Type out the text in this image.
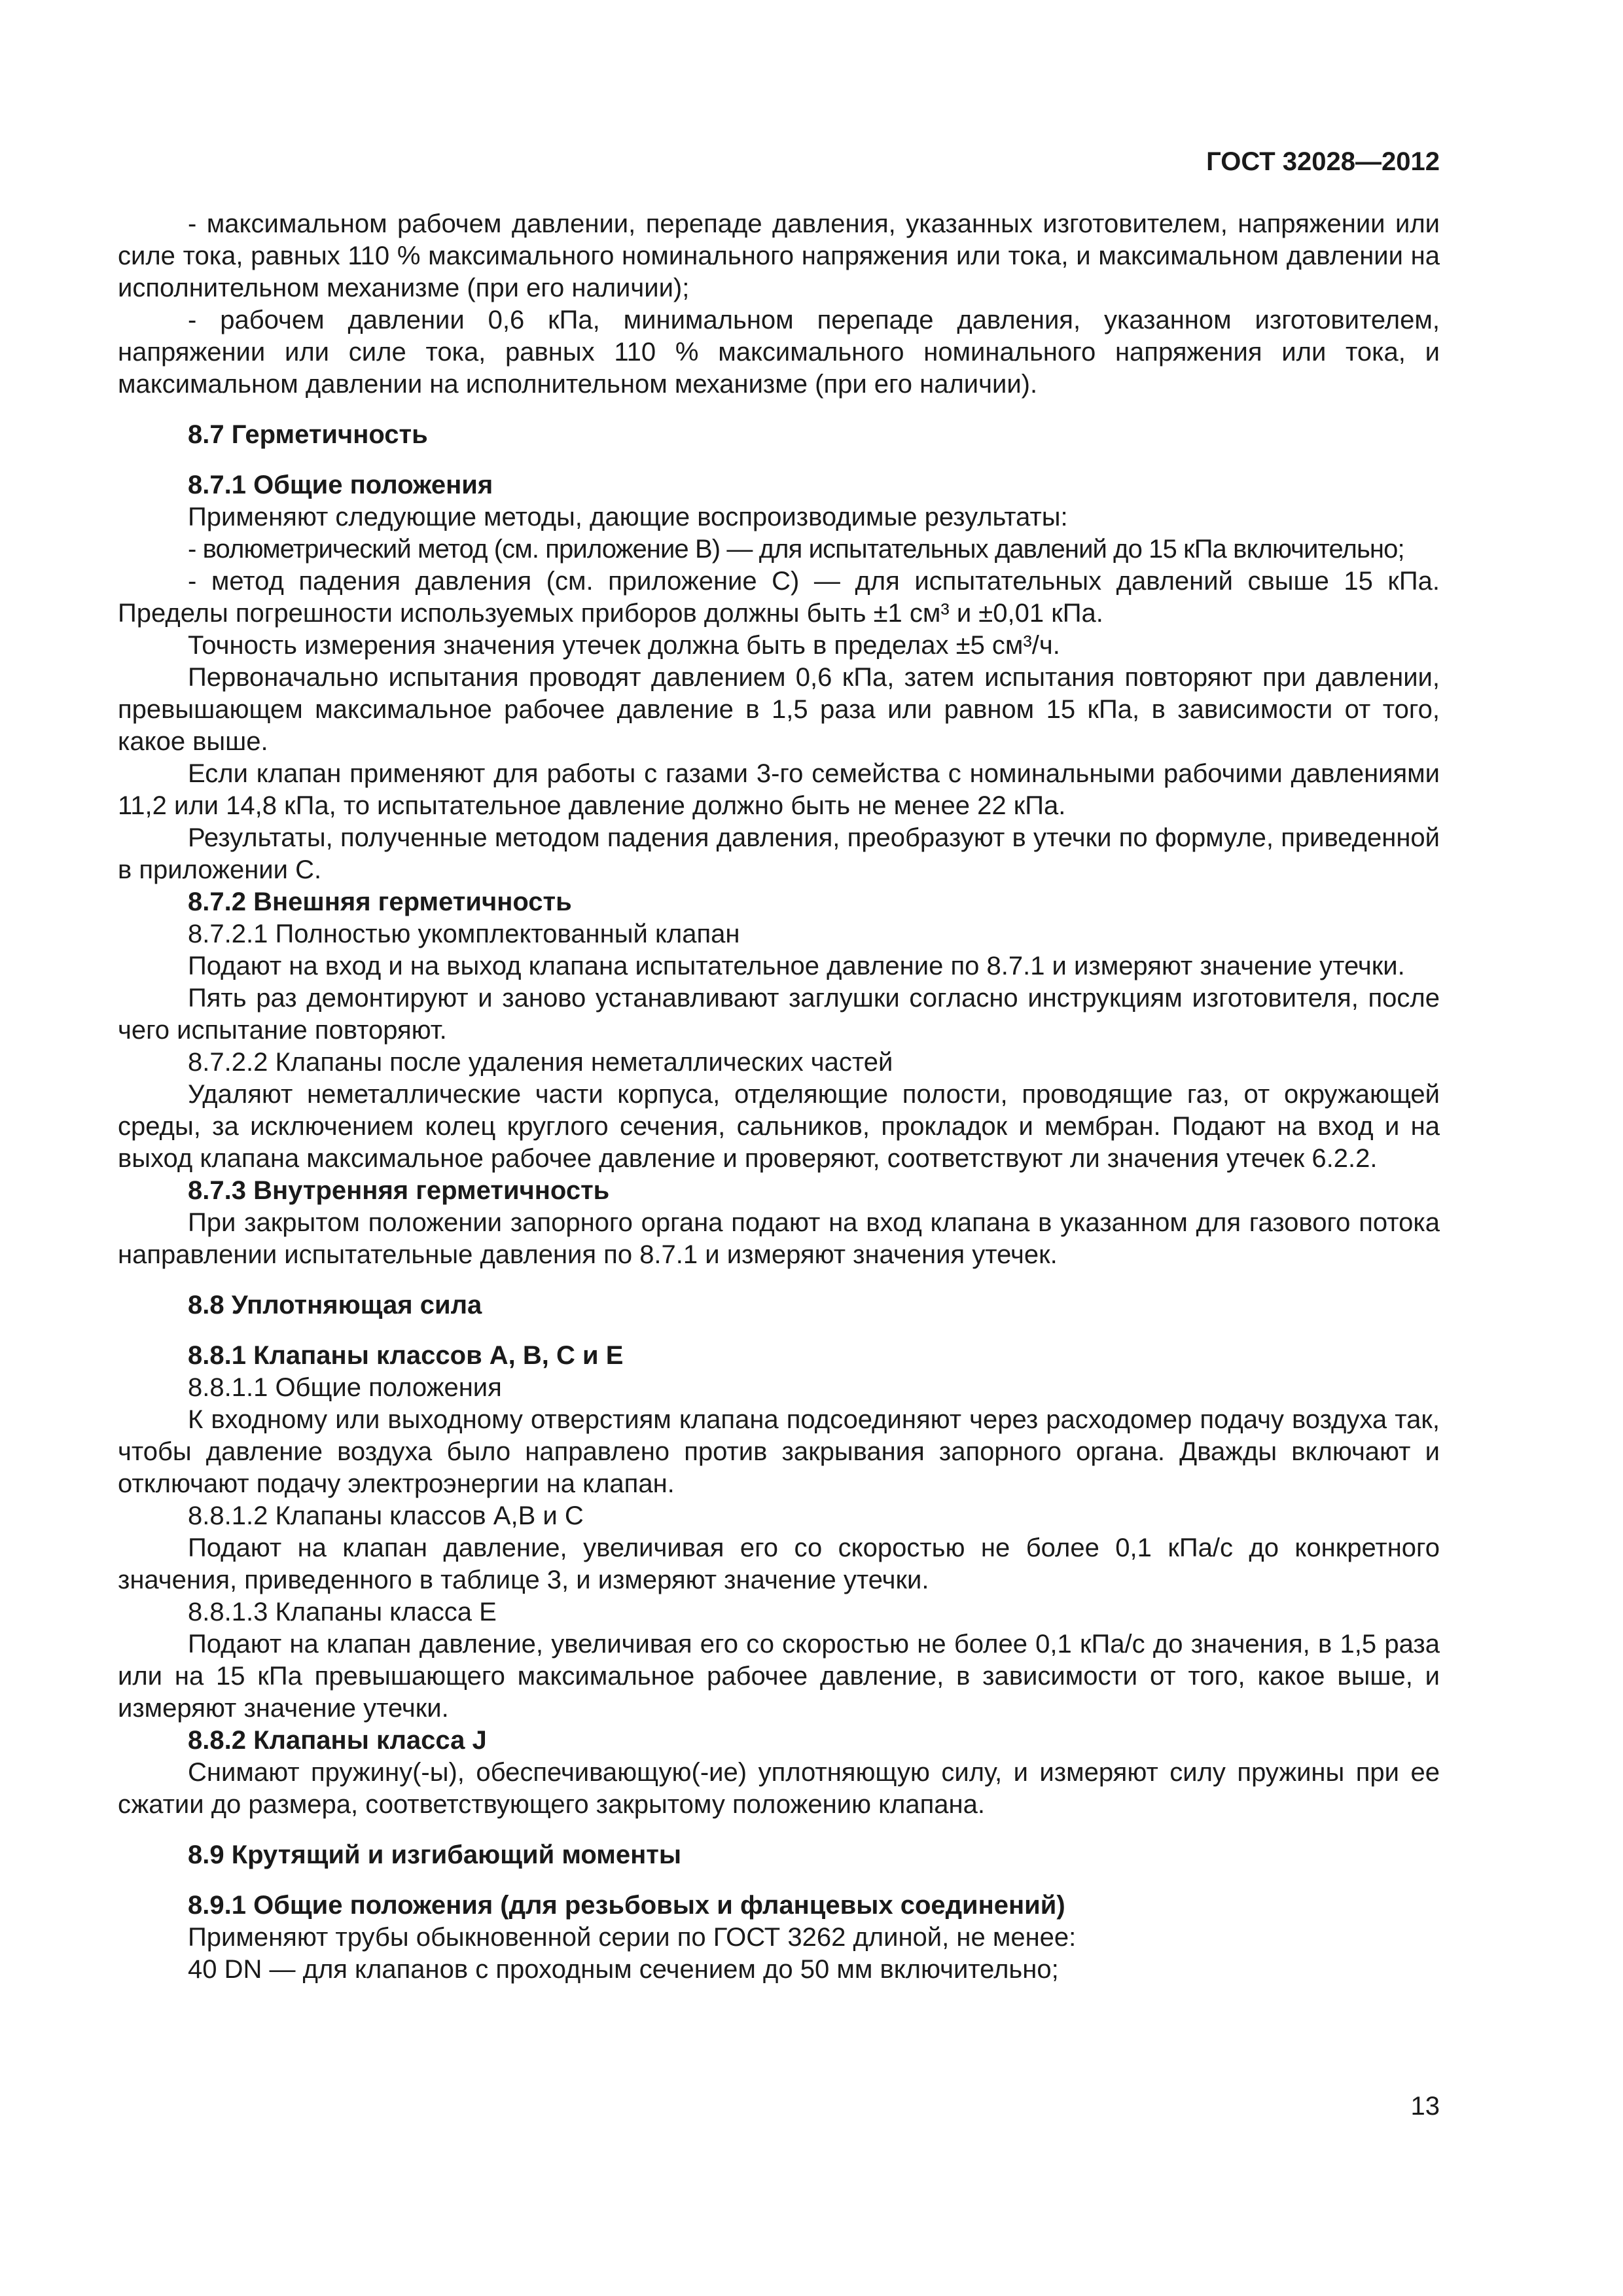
ГОСТ 32028—2012

- максимальном рабочем давлении, перепаде давления, указанных изготовителем, напряжении или силе тока, равных 110 % максимального номинального напряжения или тока, и максимальном давлении на исполнительном механизме (при его наличии);

- рабочем давлении 0,6 кПа, минимальном перепаде давления, указанном изготовителем, напряжении или силе тока, равных 110 % максимального номинального напряжения или тока, и максимальном давлении на исполнительном механизме (при его наличии).

8.7 Герметичность

8.7.1 Общие положения

Применяют следующие методы, дающие воспроизводимые результаты:

- волюметрический метод (см. приложение В) — для испытательных давлений до 15 кПа включительно;

- метод падения давления (см. приложение С) — для испытательных давлений свыше 15 кПа. Пределы погрешности используемых приборов должны быть ±1 см³ и ±0,01 кПа.

Точность измерения значения утечек должна быть в пределах ±5 см³/ч.

Первоначально испытания проводят давлением 0,6 кПа, затем испытания повторяют при давлении, превышающем максимальное рабочее давление в 1,5 раза или равном 15 кПа, в зависимости от того, какое выше.

Если клапан применяют для работы с газами 3-го семейства с номинальными рабочими давлениями 11,2 или 14,8 кПа, то испытательное давление должно быть не менее 22 кПа.

Результаты, полученные методом падения давления, преобразуют в утечки по формуле, приведенной в приложении С.

8.7.2 Внешняя герметичность

8.7.2.1 Полностью укомплектованный клапан

Подают на вход и на выход клапана испытательное давление по 8.7.1 и измеряют значение утечки.

Пять раз демонтируют и заново устанавливают заглушки согласно инструкциям изготовителя, после чего испытание повторяют.

8.7.2.2 Клапаны после удаления неметаллических частей

Удаляют неметаллические части корпуса, отделяющие полости, проводящие газ, от окружающей среды, за исключением колец круглого сечения, сальников, прокладок и мембран. Подают на вход и на выход клапана максимальное рабочее давление и проверяют, соответствуют ли значения утечек 6.2.2.

8.7.3 Внутренняя герметичность

При закрытом положении запорного органа подают на вход клапана в указанном для газового потока направлении испытательные давления по 8.7.1 и измеряют значения утечек.

8.8 Уплотняющая сила

8.8.1 Клапаны классов А, В, С и Е

8.8.1.1 Общие положения

К входному или выходному отверстиям клапана подсоединяют через расходомер подачу воздуха так, чтобы давление воздуха было направлено против закрывания запорного органа. Дважды включают и отключают подачу электроэнергии на клапан.

8.8.1.2 Клапаны классов А,В и С

Подают на клапан давление, увеличивая его со скоростью не более 0,1 кПа/с до конкретного значения, приведенного в таблице 3, и измеряют значение утечки.

8.8.1.3 Клапаны класса Е

Подают на клапан давление, увеличивая его со скоростью не более 0,1 кПа/с до значения, в 1,5 раза или на 15 кПа превышающего максимальное рабочее давление, в зависимости от того, какое выше, и измеряют значение утечки.

8.8.2 Клапаны класса J

Снимают пружину(-ы), обеспечивающую(-ие) уплотняющую силу, и измеряют силу пружины при ее сжатии до размера, соответствующего закрытому положению клапана.

8.9 Крутящий и изгибающий моменты

8.9.1 Общие положения (для резьбовых и фланцевых соединений)

Применяют трубы обыкновенной серии по ГОСТ 3262 длиной, не менее:

40 DN — для клапанов с проходным сечением до 50 мм включительно;

13
